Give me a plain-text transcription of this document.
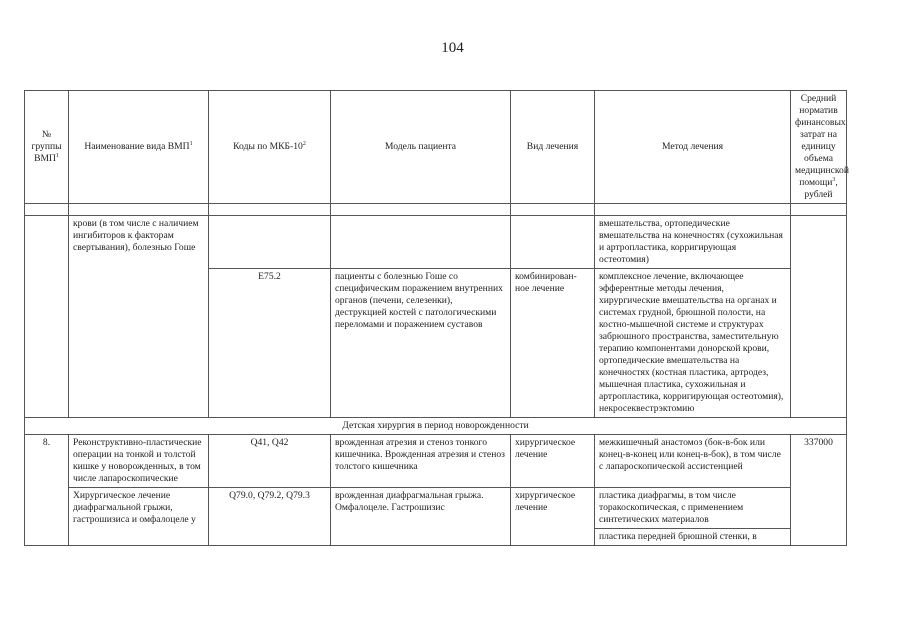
104
№ группы ВМП$^1$	Наименование вида ВМП$^1$	Коды по МКБ-$10^2$	Модель пациента	Вид лечения	Метод лечения	Средний норматив финансовых затрат на единицу объема медицинской помощи$^3$, рублей

	крови (в том числе с наличием ингибиторов к факторам свертывания), болезнью Гоше				вмешательства, ортопедические вмешательства на конечностях (сухожильная и артропластика, корригирующая остеотомия)	
		E75.2	пациенты с болезнью Гоше со специфическим поражением внутренних органов (печени, селезенки), деструкцией костей с патологическими переломами и поражением суставов	комбинирован-ное лечение	комплексное лечение, включающее эфферентные методы лечения, хирургические вмешательства на органах и системах грудной, брюшной полости, на костно-мышечной системе и структурах забрюшного пространства, заместительную терапию компонентами донорской крови, ортопедические вмешательства на конечностях (костная пластика, артродез, мышечная пластика, сухожильная и артропластика, корригирующая остеотомия), некросеквестрэктомию	
Детская хирургия в период новорожденности						
8.	Реконструктивно-пластические операции на тонкой и толстой кишке у новорожденных, в том числе лапароскопические	Q41, Q42	врожденная атрезия и стеноз тонкого кишечника. Врожденная атрезия и стеноз толстого кишечника	хирургическое лечение	межкишечный анастомоз (бок-в-бок или конец-в-конец или конец-в-бок), в том числе с лапароскопической ассистенцией	337000
	Хирургическое лечение диафрагмальной грыжи, гастрошизиса и омфалоцеле у	Q79.0, Q79.2, Q79.3	врожденная диафрагмальная грыжа. Омфалоцеле. Гастрошизис	хирургическое лечение	пластика диафрагмы, в том числе торакоскопическая, с применением синтетических материалов	
					пластика передней брюшной стенки, в	
